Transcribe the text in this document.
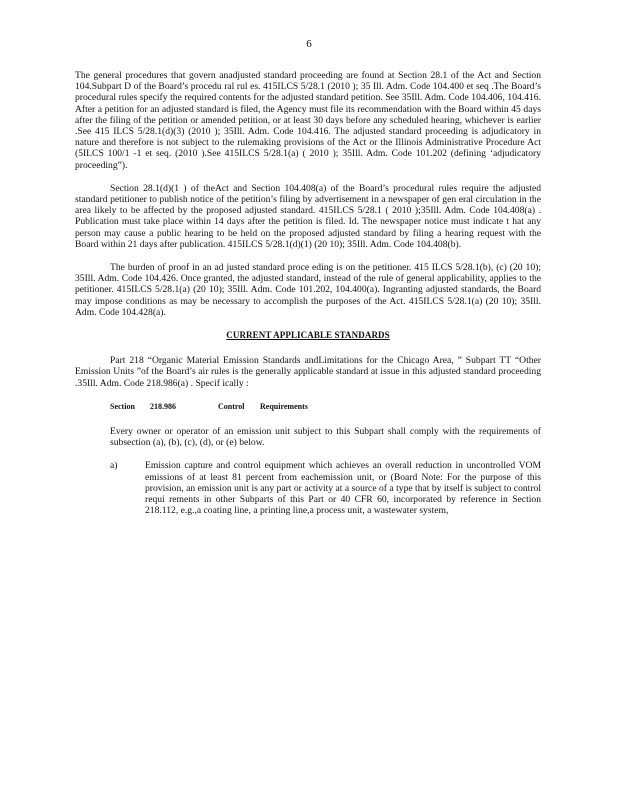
6

The general procedures that govern anadjusted standard proceeding are found at Section 28.1 of the Act and Section 104.Subpart D of the Board’s procedu ral rul es. 415ILCS 5/28.1 (2010 ); 35 Ill. Adm. Code 104.400 et seq .The Board’s procedural rules specify the required contents for the adjusted standard petition. See 35Ill. Adm. Code 104.406, 104.416. After a petition for an adjusted standard is filed, the Agency must file its recommendation with the Board within 45 days after the filing of the petition or amended petition, or at least 30 days before any scheduled hearing, whichever is earlier .See 415 ILCS 5/28.1(d)(3) (2010 ); 35Ill. Adm. Code 104.416. The adjusted standard proceeding is adjudicatory in nature and therefore is not subject to the rulemaking provisions of the Act or the Illinois Administrative Procedure Act (5ILCS 100/1 -1 et seq. (2010 ).See 415ILCS 5/28.1(a) ( 2010 ); 35Ill. Adm. Code 101.202 (defining ‘adjudicatory proceeding”).

Section 28.1(d)(1 ) of theAct and Section 104.408(a) of the Board’s procedural rules require the adjusted standard petitioner to publish notice of the petition’s filing by advertisement in a newspaper of gen eral circulation in the area likely to be affected by the proposed adjusted standard. 415ILCS 5/28.1 ( 2010 );35Ill. Adm. Code 104.408(a) . Publication must take place within 14 days after the petition is filed. Id. The newspaper notice must indicate t hat any person may cause a public hearing to be held on the proposed adjusted standard by filing a hearing request with the Board within 21 days after publication. 415ILCS 5/28.1(d)(1) (20 10); 35Ill. Adm. Code 104.408(b).

The burden of proof in an ad justed standard proce eding is on the petitioner. 415 ILCS 5/28.1(b), (c) (20 10); 35Ill. Adm. Code 104.426. Once granted, the adjusted standard, instead of the rule of general applicability, applies to the petitioner. 415ILCS 5/28.1(a) (20 10); 35Ill. Adm. Code 101.202, 104.400(a). Ingranting adjusted standards, the Board may impose conditions as may be necessary to accomplish the purposes of the Act. 415ILCS 5/28.1(a) (20 10); 35Ill. Adm. Code 104.428(a).

CURRENT APPLICABLE STANDARDS

Part 218 “Organic Material Emission Standards andLimitations for the Chicago Area, ” Subpart TT “Other Emission Units ”of the Board’s air rules is the generally applicable standard at issue in this adjusted standard proceeding .35Ill. Adm. Code 218.986(a) . Specif ically :

Section 218.986	Control Requirements

Every owner or operator of an emission unit subject to this Subpart shall comply with the requirements of subsection (a), (b), (c), (d), or (e) below.

a)	Emission capture and control equipment which achieves an overall reduction in uncontrolled VOM emissions of at least 81 percent from eachemission unit, or (Board Note: For the purpose of this provision, an emission unit is any part or activity at a source of a type that by itself is subject to control requi rements in other Subparts of this Part or 40 CFR 60, incorporated by reference in Section 218.112, e.g.,a coating line, a printing line,a process unit, a wastewater system,
